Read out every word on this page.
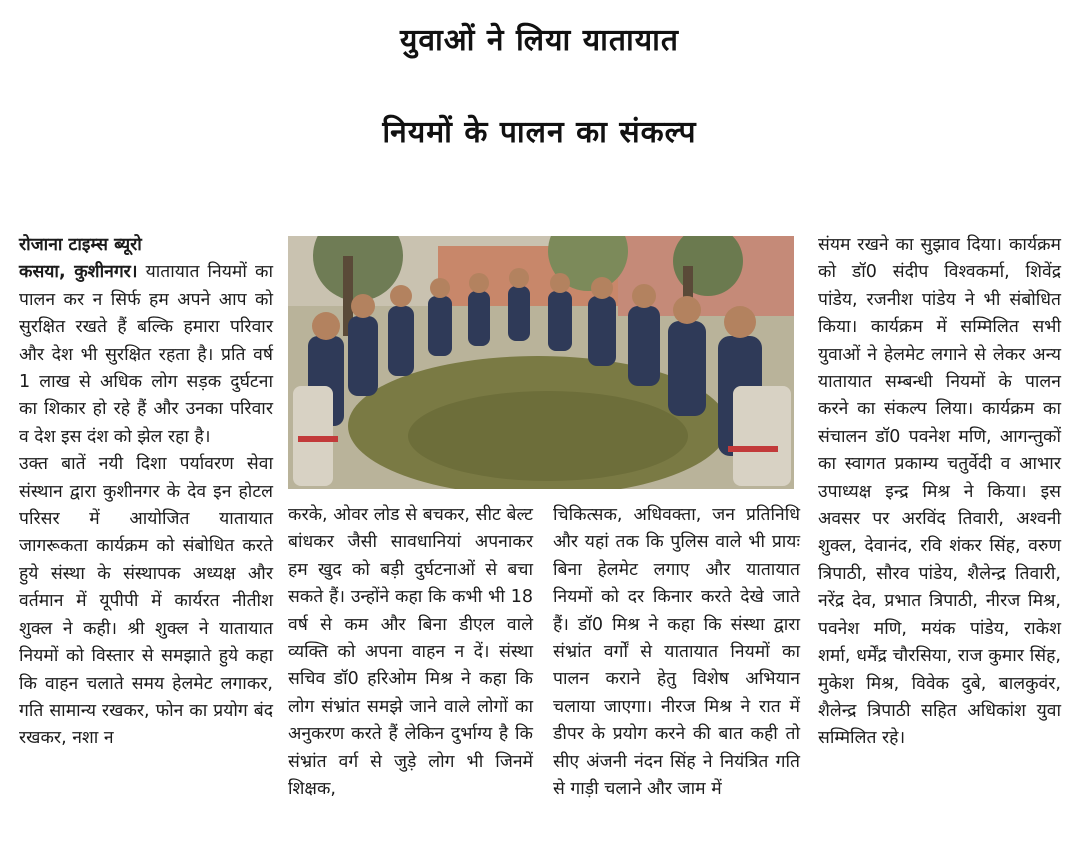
युवाओं ने लिया यातायात
नियमों के पालन का संकल्प

रोजाना टाइम्स ब्यूरो

कसया, कुशीनगर। यातायात नियमों का पालन कर न सिर्फ हम अपने आप को सुरक्षित रखते हैं बल्कि हमारा परिवार और देश भी सुरक्षित रहता है। प्रति वर्ष 1 लाख से अधिक लोग सड़क दुर्घटना का शिकार हो रहे हैं और उनका परिवार व देश इस दंश को झेल रहा है।

उक्त बातें नयी दिशा पर्यावरण सेवा संस्थान द्वारा कुशीनगर के देव इन होटल परिसर में आयोजित यातायात जागरूकता कार्यक्रम को संबोधित करते हुये संस्था के संस्थापक अध्यक्ष और वर्तमान में यूपीपी में कार्यरत नीतीश शुक्ल ने कही। श्री शुक्ल ने यातायात नियमों को विस्तार से समझाते हुये कहा कि वाहन चलाते समय हेलमेट लगाकर, गति सामान्य रखकर, फोन का प्रयोग बंद रखकर, नशा न

करके, ओवर लोड से बचकर, सीट बेल्ट बांधकर जैसी सावधानियां अपनाकर हम खुद को बड़ी दुर्घटनाओं से बचा सकते हैं। उन्होंने कहा कि कभी भी 18 वर्ष से कम और बिना डीएल वाले व्यक्ति को अपना वाहन न दें। संस्था सचिव डॉ0 हरिओम मिश्र ने कहा कि लोग संभ्रांत समझे जाने वाले लोगों का अनुकरण करते हैं लेकिन दुर्भाग्य है कि संभ्रांत वर्ग से जुड़े लोग भी जिनमें शिक्षक,

चिकित्सक, अधिवक्ता, जन प्रतिनिधि और यहां तक कि पुलिस वाले भी प्रायः बिना हेलमेट लगाए और यातायात नियमों को दर किनार करते देखे जाते हैं। डॉ0 मिश्र ने कहा कि संस्था द्वारा संभ्रांत वर्गों से यातायात नियमों का पालन कराने हेतु विशेष अभियान चलाया जाएगा। नीरज मिश्र ने रात में डीपर के प्रयोग करने की बात कही तो सीए अंजनी नंदन सिंह ने नियंत्रित गति से गाड़ी चलाने और जाम में

संयम रखने का सुझाव दिया। कार्यक्रम को डॉ0 संदीप विश्वकर्मा, शिवेंद्र पांडेय, रजनीश पांडेय ने भी संबोधित किया। कार्यक्रम में सम्मिलित सभी युवाओं ने हेलमेट लगाने से लेकर अन्य यातायात सम्बन्धी नियमों के पालन करने का संकल्प लिया। कार्यक्रम का संचालन डॉ0 पवनेश मणि, आगन्तुकों का स्वागत प्रकाम्य चतुर्वेदी व आभार उपाध्यक्ष इन्द्र मिश्र ने किया। इस अवसर पर अरविंद तिवारी, अश्वनी शुक्ल, देवानंद, रवि शंकर सिंह, वरुण त्रिपाठी, सौरव पांडेय, शैलेन्द्र तिवारी, नरेंद्र देव, प्रभात त्रिपाठी, नीरज मिश्र, पवनेश मणि, मयंक पांडेय, राकेश शर्मा, धर्मेंद्र चौरसिया, राज कुमार सिंह, मुकेश मिश्र, विवेक दुबे, बालकुवंर, शैलेन्द्र त्रिपाठी सहित अधिकांश युवा सम्मिलित रहे।
